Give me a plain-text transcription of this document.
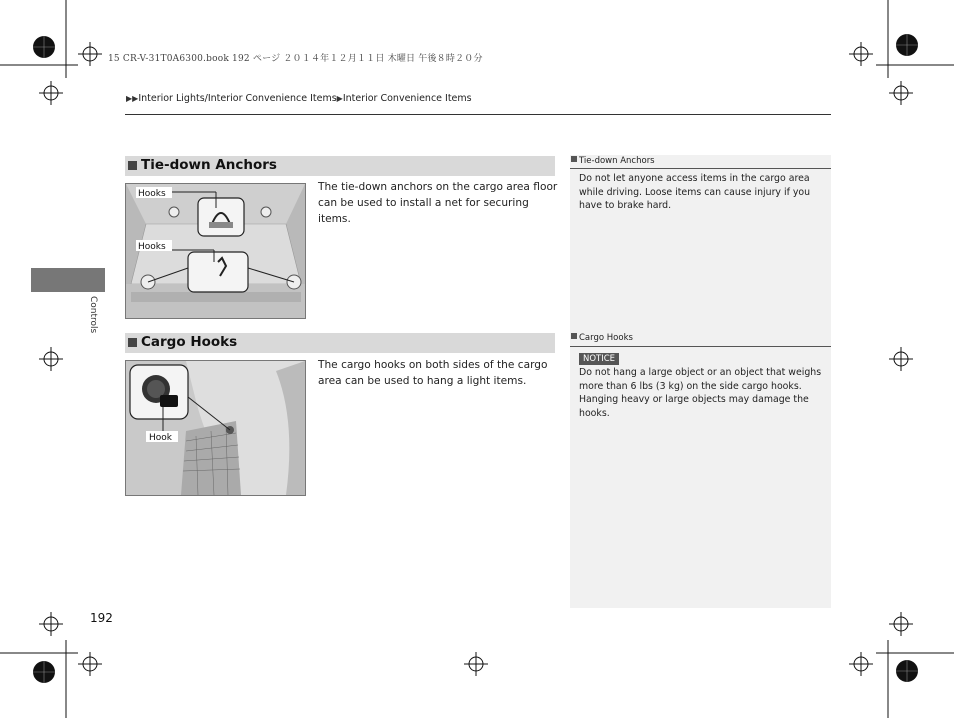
15 CR-V-31T0A6300.book 192 ページ ２０１４年１２月１１日 木曜日 午後８時２０分
▶▶Interior Lights/Interior Convenience Items▶Interior Convenience Items
Controls
Tie-down Anchors
Hooks
Hooks
The tie-down anchors on the cargo area floor can be used to install a net for securing items.
Cargo Hooks
Hook
The cargo hooks on both sides of the cargo area can be used to hang a light items.
Tie-down Anchors
Do not let anyone access items in the cargo area while driving. Loose items can cause injury if you have to brake hard.
Cargo Hooks
NOTICE
Do not hang a large object or an object that weighs more than 6 lbs (3 kg) on the side cargo hooks. Hanging heavy or large objects may damage the hooks.
192
